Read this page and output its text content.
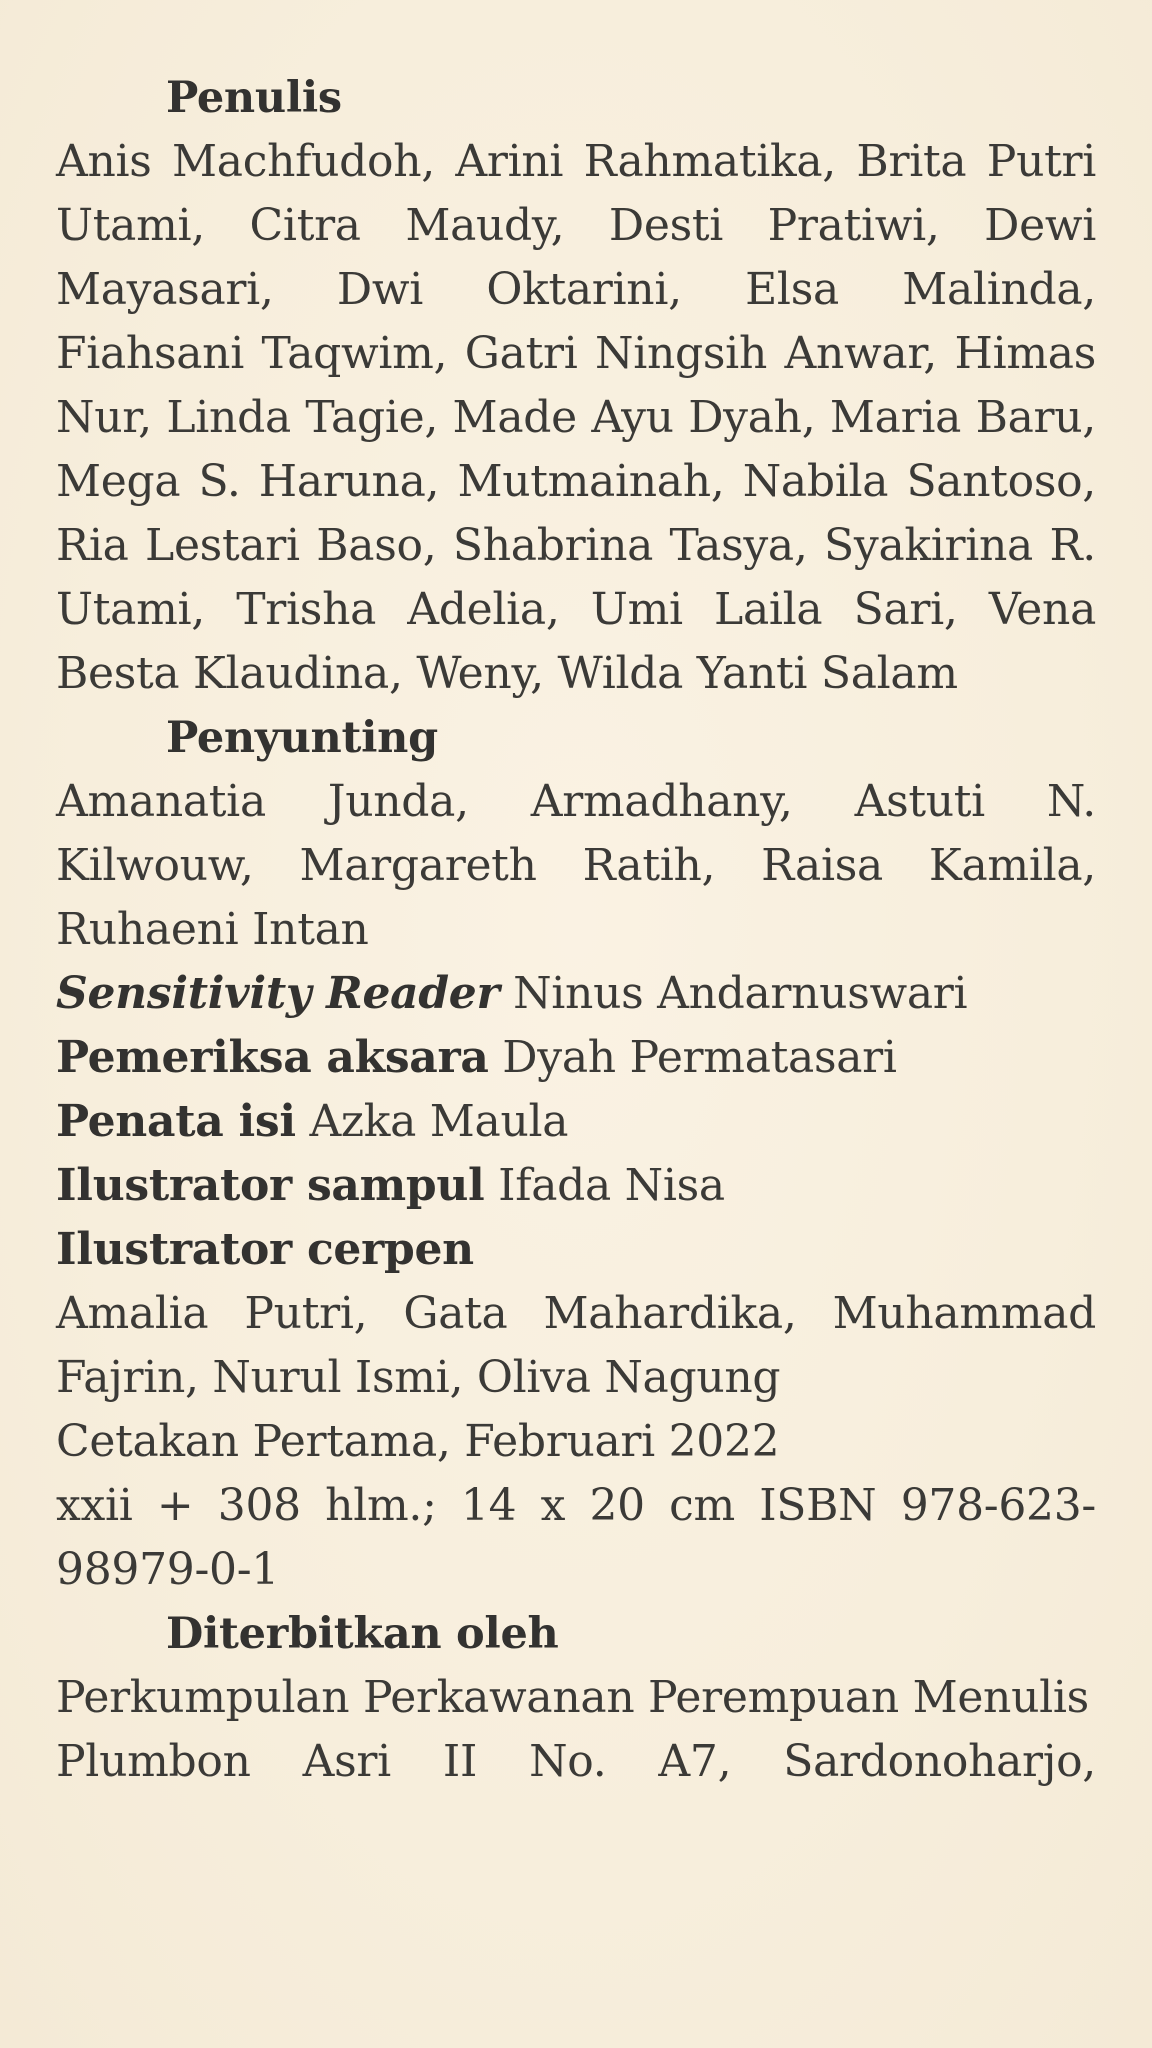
Penulis
Anis Machfudoh, Arini Rahmatika, Brita Putri Utami, Citra Maudy, Desti Pratiwi, Dewi Mayasari, Dwi Oktarini, Elsa Malinda, Fiahsani Taqwim, Gatri Ningsih Anwar, Himas Nur, Linda Tagie, Made Ayu Dyah, Maria Baru, Mega S. Haruna, Mutmainah, Nabila Santoso, Ria Lestari Baso, Shabrina Tasya, Syakirina R. Utami, Trisha Adelia, Umi Laila Sari, Vena Besta Klaudina, Weny, Wilda Yanti Salam
Penyunting
Amanatia Junda, Armadhany, Astuti N. Kilwouw, Margareth Ratih, Raisa Kamila, Ruhaeni Intan
Sensitivity Reader Ninus Andarnuswari
Pemeriksa aksara Dyah Permatasari
Penata isi Azka Maula
Ilustrator sampul Ifada Nisa
Ilustrator cerpen
Amalia Putri, Gata Mahardika, Muhammad Fajrin, Nurul Ismi, Oliva Nagung
Cetakan Pertama, Februari 2022
xxii + 308 hlm.; 14 x 20 cm ISBN 978-623-98979-0-1
Diterbitkan oleh
Perkumpulan Perkawanan Perempuan Menulis
Plumbon Asri II No. A7, Sardonoharjo,
